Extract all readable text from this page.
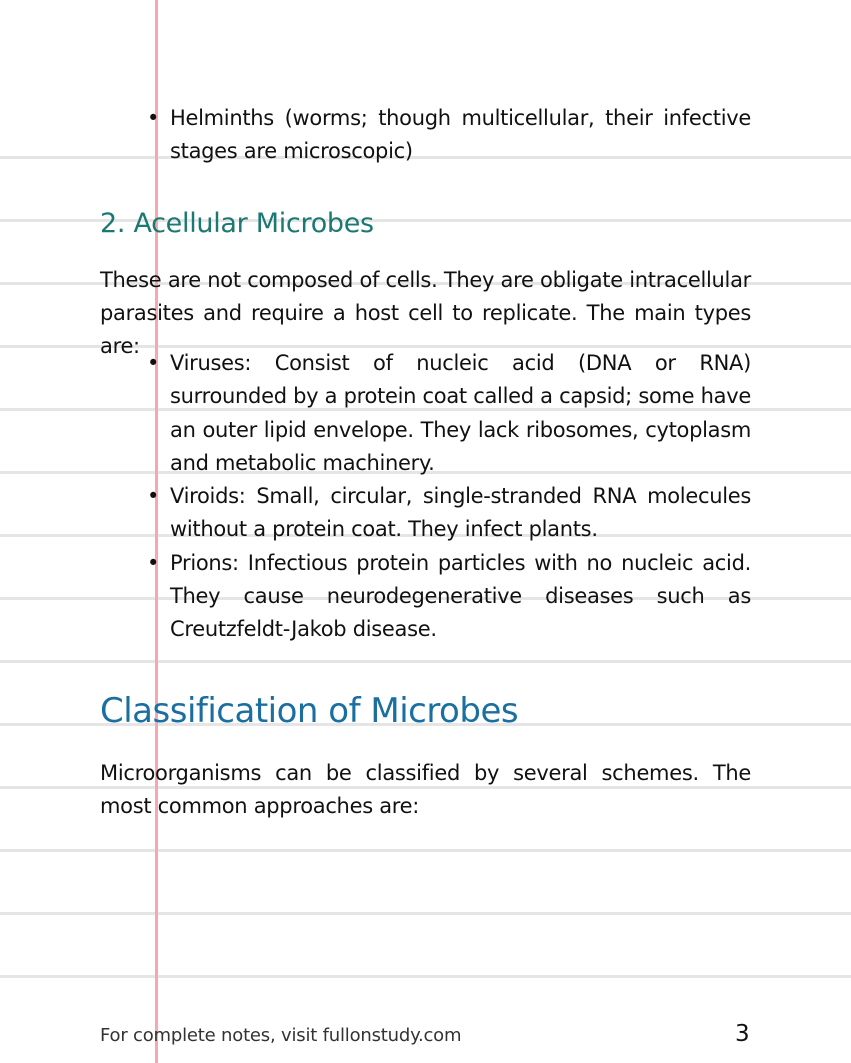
• Helminths (worms; though multicellular, their infective stages are microscopic)
2. Acellular Microbes

These are not composed of cells. They are obligate intracellular parasites and require a host cell to replicate. The main types are:

• Viruses: Consist of nucleic acid (DNA or RNA) surrounded by a protein coat called a capsid; some have an outer lipid envelope. They lack ribosomes, cytoplasm and metabolic machinery.
• Viroids: Small, circular, single-stranded RNA molecules without a protein coat. They infect plants.
• Prions: Infectious protein particles with no nucleic acid. They cause neurodegenerative diseases such as Creutzfeldt-Jakob disease.
Classification of Microbes

Microorganisms can be classified by several schemes. The most common approaches are:

For complete notes, visit fullonstudy.com	3
